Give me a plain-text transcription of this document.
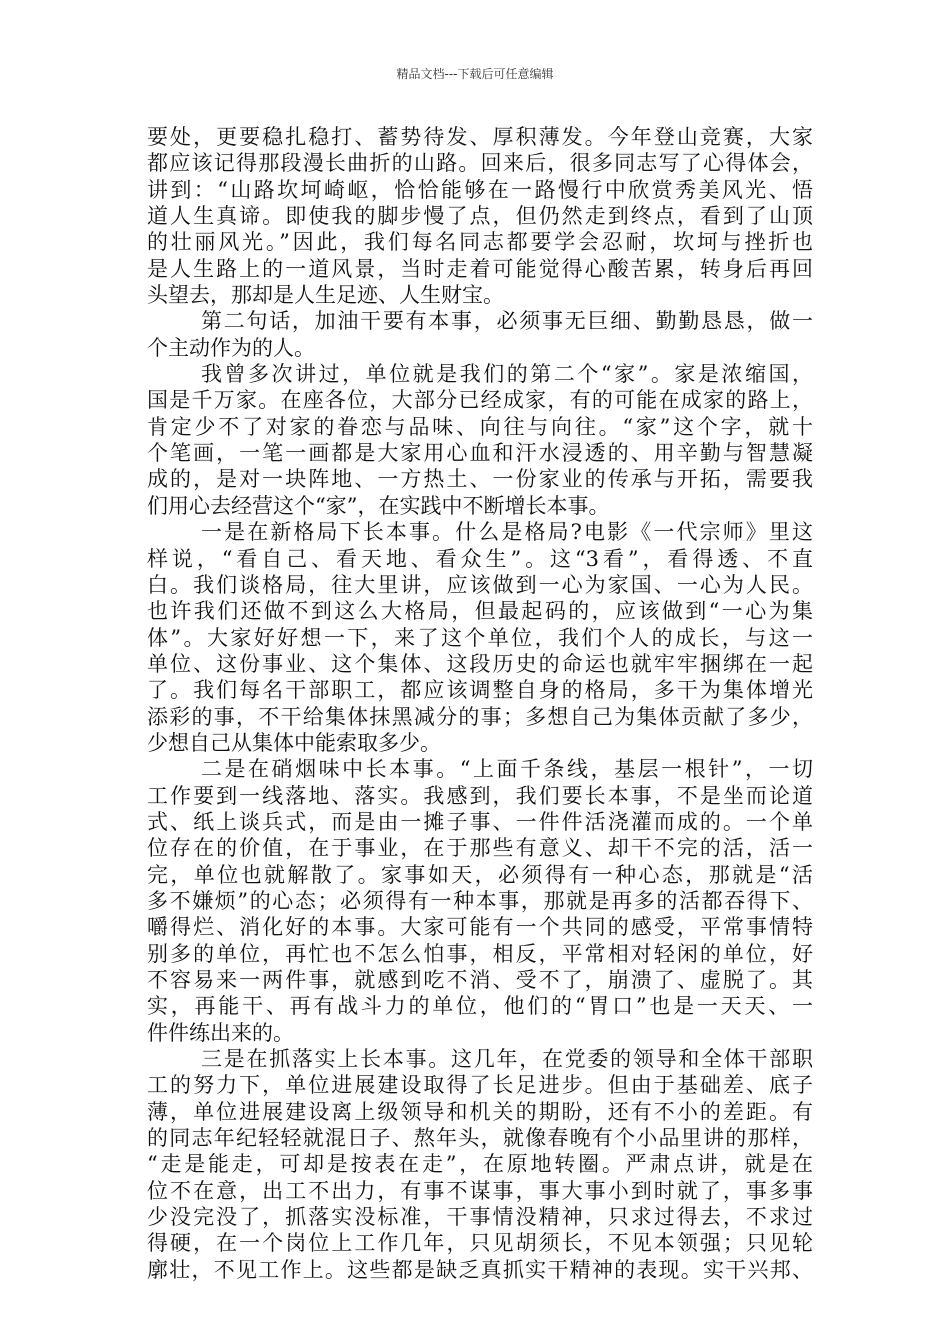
精品文档---下载后可任意编辑
要处，更要稳扎稳打、蓄势待发、厚积薄发。今年登山竞赛，大家
都应该记得那段漫长曲折的山路。回来后，很多同志写了心得体会，
讲到：“山路坎坷崎岖，恰恰能够在一路慢行中欣赏秀美风光、悟
道人生真谛。即使我的脚步慢了点，但仍然走到终点，看到了山顶
的壮丽风光。”因此，我们每名同志都要学会忍耐，坎坷与挫折也
是人生路上的一道风景，当时走着可能觉得心酸苦累，转身后再回
头望去，那却是人生足迹、人生财宝。
第二句话，加油干要有本事，必须事无巨细、勤勤恳恳，做一
个主动作为的人。
我曾多次讲过，单位就是我们的第二个“家”。家是浓缩国，
国是千万家。在座各位，大部分已经成家，有的可能在成家的路上，
肯定少不了对家的眷恋与品味、向往与向往。“家”这个字，就十
个笔画，一笔一画都是大家用心血和汗水浸透的、用辛勤与智慧凝
成的，是对一块阵地、一方热土、一份家业的传承与开拓，需要我
们用心去经营这个“家”，在实践中不断增长本事。
一是在新格局下长本事。什么是格局?电影《一代宗师》里这
样说，“看自己、看天地、看众生”。这“3看”，看得透、不直
白。我们谈格局，往大里讲，应该做到一心为家国、一心为人民。
也许我们还做不到这么大格局，但最起码的，应该做到“一心为集
体”。大家好好想一下，来了这个单位，我们个人的成长，与这一
单位、这份事业、这个集体、这段历史的命运也就牢牢捆绑在一起
了。我们每名干部职工，都应该调整自身的格局，多干为集体增光
添彩的事，不干给集体抹黑减分的事；多想自己为集体贡献了多少，
少想自己从集体中能索取多少。
二是在硝烟味中长本事。“上面千条线，基层一根针”，一切
工作要到一线落地、落实。我感到，我们要长本事，不是坐而论道
式、纸上谈兵式，而是由一摊子事、一件件活浇灌而成的。一个单
位存在的价值，在于事业，在于那些有意义、却干不完的活，活一
完，单位也就解散了。家事如天，必须得有一种心态，那就是“活
多不嫌烦”的心态；必须得有一种本事，那就是再多的活都吞得下、
嚼得烂、消化好的本事。大家可能有一个共同的感受，平常事情特
别多的单位，再忙也不怎么怕事，相反，平常相对轻闲的单位，好
不容易来一两件事，就感到吃不消、受不了，崩溃了、虚脱了。其
实，再能干、再有战斗力的单位，他们的“胃口”也是一天天、一
件件练出来的。
三是在抓落实上长本事。这几年，在党委的领导和全体干部职
工的努力下，单位进展建设取得了长足进步。但由于基础差、底子
薄，单位进展建设离上级领导和机关的期盼，还有不小的差距。有
的同志年纪轻轻就混日子、熬年头，就像春晚有个小品里讲的那样，
“走是能走，可却是按表在走”，在原地转圈。严肃点讲，就是在
位不在意，出工不出力，有事不谋事，事大事小到时就了，事多事
少没完没了，抓落实没标准，干事情没精神，只求过得去，不求过
得硬，在一个岗位上工作几年，只见胡须长，不见本领强；只见轮
廓壮，不见工作上。这些都是缺乏真抓实干精神的表现。实干兴邦、
